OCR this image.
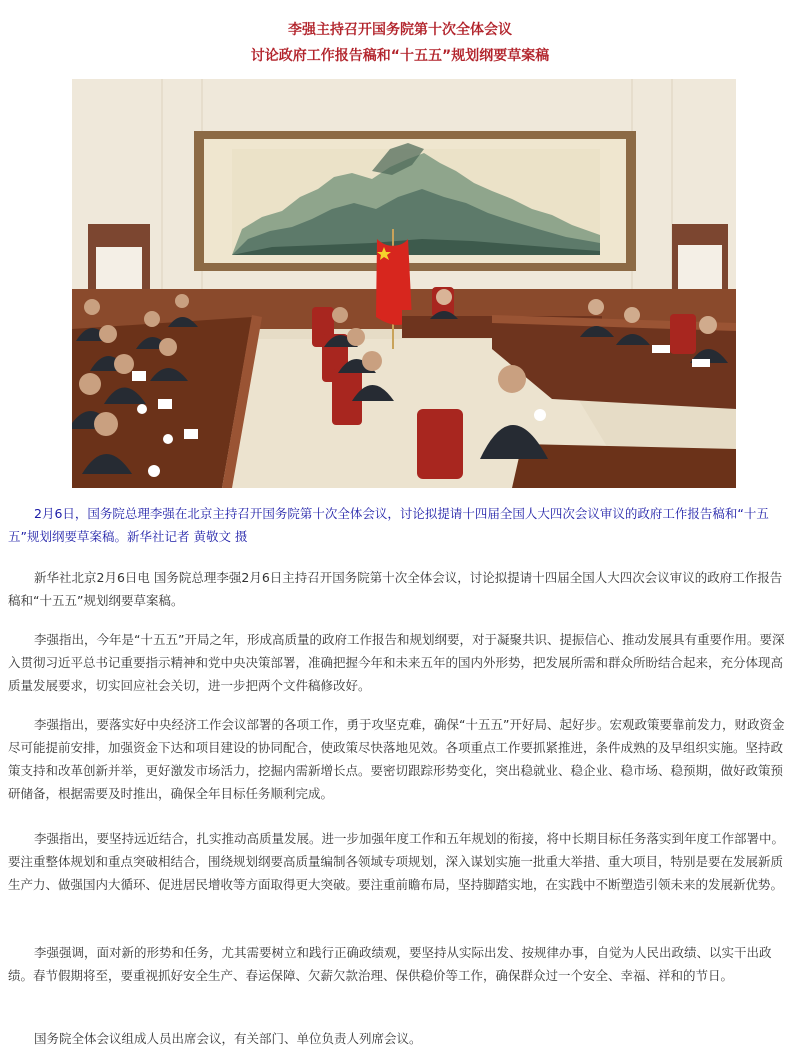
李强主持召开国务院第十次全体会议
讨论政府工作报告稿和“十五五”规划纲要草案稿

2月6日，国务院总理李强在北京主持召开国务院第十次全体会议，讨论拟提请十四届全国人大四次会议审议的政府工作报告稿和“十五五”规划纲要草案稿。新华社记者 黄敬文 摄

新华社北京2月6日电 国务院总理李强2月6日主持召开国务院第十次全体会议，讨论拟提请十四届全国人大四次会议审议的政府工作报告稿和“十五五”规划纲要草案稿。

李强指出，今年是“十五五”开局之年，形成高质量的政府工作报告和规划纲要，对于凝聚共识、提振信心、推动发展具有重要作用。要深入贯彻习近平总书记重要指示精神和党中央决策部署，准确把握今年和未来五年的国内外形势，把发展所需和群众所盼结合起来，充分体现高质量发展要求，切实回应社会关切，进一步把两个文件稿修改好。

李强指出，要落实好中央经济工作会议部署的各项工作，勇于攻坚克难，确保“十五五”开好局、起好步。宏观政策要靠前发力，财政资金尽可能提前安排，加强资金下达和项目建设的协同配合，使政策尽快落地见效。各项重点工作要抓紧推进，条件成熟的及早组织实施。坚持政策支持和改革创新并举，更好激发市场活力，挖掘内需新增长点。要密切跟踪形势变化，突出稳就业、稳企业、稳市场、稳预期，做好政策预研储备，根据需要及时推出，确保全年目标任务顺利完成。

李强指出，要坚持远近结合，扎实推动高质量发展。进一步加强年度工作和五年规划的衔接，将中长期目标任务落实到年度工作部署中。要注重整体规划和重点突破相结合，围绕规划纲要高质量编制各领域专项规划，深入谋划实施一批重大举措、重大项目，特别是要在发展新质生产力、做强国内大循环、促进居民增收等方面取得更大突破。要注重前瞻布局，坚持脚踏实地，在实践中不断塑造引领未来的发展新优势。

李强强调，面对新的形势和任务，尤其需要树立和践行正确政绩观，要坚持从实际出发、按规律办事，自觉为人民出政绩、以实干出政绩。春节假期将至，要重视抓好安全生产、春运保障、欠薪欠款治理、保供稳价等工作，确保群众过一个安全、幸福、祥和的节日。

国务院全体会议组成人员出席会议，有关部门、单位负责人列席会议。
